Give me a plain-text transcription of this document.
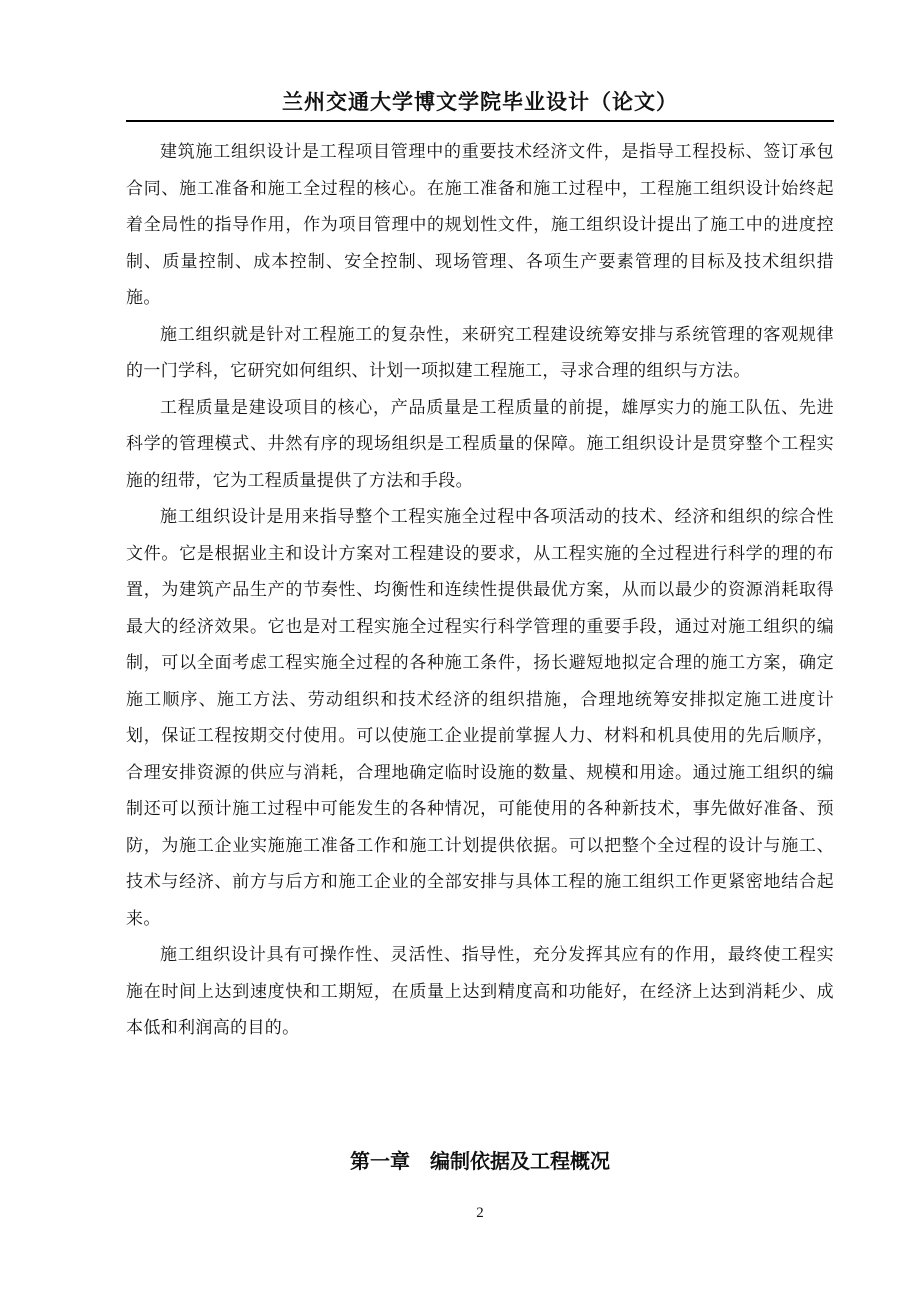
兰州交通大学博文学院毕业设计（论文）

建筑施工组织设计是工程项目管理中的重要技术经济文件，是指导工程投标、签订承包合同、施工准备和施工全过程的核心。在施工准备和施工过程中，工程施工组织设计始终起着全局性的指导作用，作为项目管理中的规划性文件，施工组织设计提出了施工中的进度控制、质量控制、成本控制、安全控制、现场管理、各项生产要素管理的目标及技术组织措施。

施工组织就是针对工程施工的复杂性，来研究工程建设统筹安排与系统管理的客观规律的一门学科，它研究如何组织、计划一项拟建工程施工，寻求合理的组织与方法。

工程质量是建设项目的核心，产品质量是工程质量的前提，雄厚实力的施工队伍、先进科学的管理模式、井然有序的现场组织是工程质量的保障。施工组织设计是贯穿整个工程实施的纽带，它为工程质量提供了方法和手段。

施工组织设计是用来指导整个工程实施全过程中各项活动的技术、经济和组织的综合性文件。它是根据业主和设计方案对工程建设的要求，从工程实施的全过程进行科学的理的布置，为建筑产品生产的节奏性、均衡性和连续性提供最优方案，从而以最少的资源消耗取得最大的经济效果。它也是对工程实施全过程实行科学管理的重要手段，通过对施工组织的编制，可以全面考虑工程实施全过程的各种施工条件，扬长避短地拟定合理的施工方案，确定施工顺序、施工方法、劳动组织和技术经济的组织措施，合理地统筹安排拟定施工进度计划，保证工程按期交付使用。可以使施工企业提前掌握人力、材料和机具使用的先后顺序，合理安排资源的供应与消耗，合理地确定临时设施的数量、规模和用途。通过施工组织的编制还可以预计施工过程中可能发生的各种情况，可能使用的各种新技术，事先做好准备、预防，为施工企业实施施工准备工作和施工计划提供依据。可以把整个全过程的设计与施工、技术与经济、前方与后方和施工企业的全部安排与具体工程的施工组织工作更紧密地结合起来。

施工组织设计具有可操作性、灵活性、指导性，充分发挥其应有的作用，最终使工程实施在时间上达到速度快和工期短，在质量上达到精度高和功能好，在经济上达到消耗少、成本低和利润高的目的。

第一章　编制依据及工程概况
2
